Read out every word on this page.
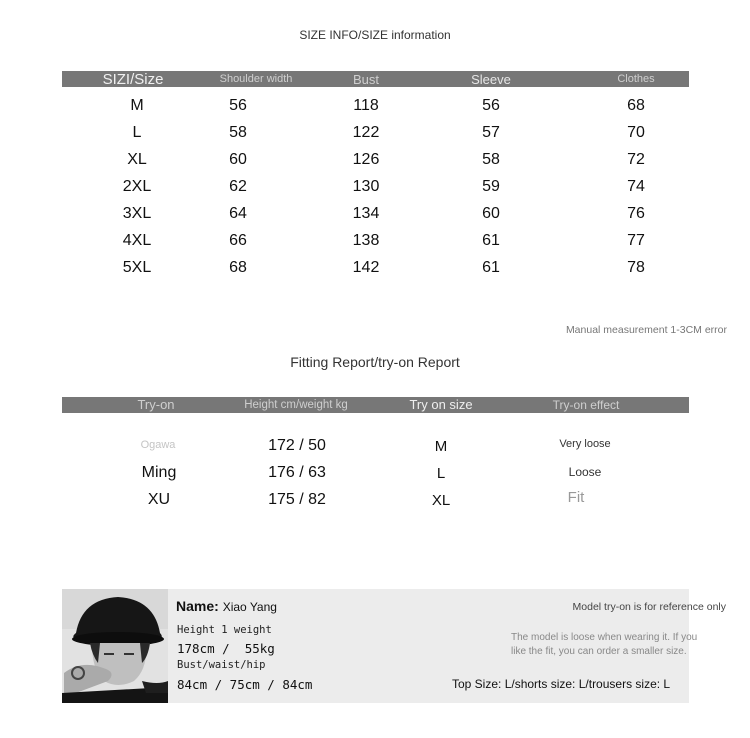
SIZE INFO/SIZE information
SIZI/Size	Shoulder width	Bust	Sleeve	Clothes
M	56	118	56	68
L	58	122	57	70
XL	60	126	58	72
2XL	62	130	59	74
3XL	64	134	60	76
4XL	66	138	61	77
5XL	68	142	61	78
Manual measurement 1-3CM error
Fitting Report/try-on Report
Try-on	Height cm/weight kg	Try on size	Try-on effect
Ogawa	172 / 50	M	Very loose
Ming	176 / 63	L	Loose
XU	175 / 82	XL	Fit
Name: Xiao Yang
Height 1 weight
178cm /  55kg
Bust/waist/hip
84cm / 75cm / 84cm
Model try-on is for reference only
The model is loose when wearing it. If you
like the fit, you can order a smaller size.
Top Size: L/shorts size: L/trousers size: L
